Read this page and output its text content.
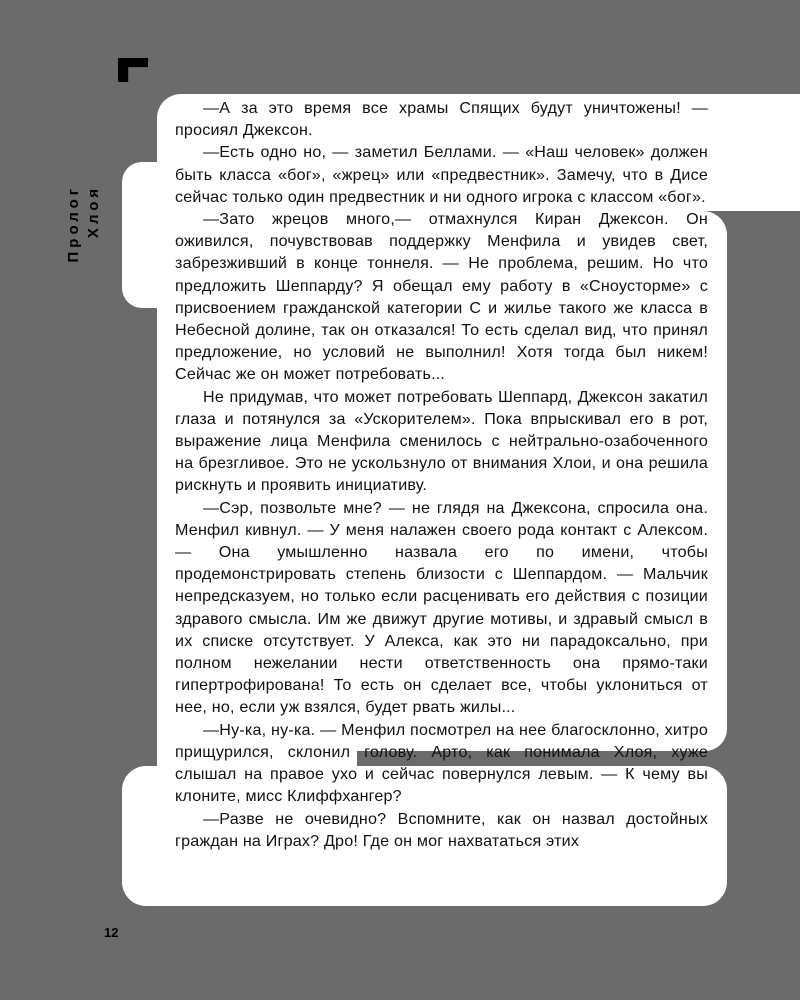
Пролог Хлоя

—А за это время все храмы Спящих будут уничтожены! — просиял Джексон.

—Есть одно но, — заметил Беллами. — «Наш человек» должен быть класса «бог», «жрец» или «предвестник». Замечу, что в Дисе сейчас только один предвестник и ни одного игрока с классом «бог».

—Зато жрецов много,— отмахнулся Киран Джексон. Он оживился, почувствовав поддержку Менфила и увидев свет, забрезживший в конце тоннеля. — Не проблема, решим. Но что предложить Шеппарду? Я обещал ему работу в «Сноусторме» с присвоением гражданской категории С и жилье такого же класса в Небесной долине, так он отказался! То есть сделал вид, что принял предложение, но условий не выполнил! Хотя тогда был никем! Сейчас же он может потребовать...

Не придумав, что может потребовать Шеппард, Джексон закатил глаза и потянулся за «Ускорителем». Пока впрыскивал его в рот, выражение лица Менфила сменилось с нейтрально-озабоченного на брезгливое. Это не ускользнуло от внимания Хлои, и она решила рискнуть и проявить инициативу.

—Сэр, позвольте мне? — не глядя на Джексона, спросила она. Менфил кивнул. — У меня налажен своего рода контакт с Алексом. — Она умышленно назвала его по имени, чтобы продемонстрировать степень близости с Шеппардом. — Мальчик непредсказуем, но только если расценивать его действия с позиции здравого смысла. Им же движут другие мотивы, и здравый смысл в их списке отсутствует. У Алекса, как это ни парадоксально, при полном нежелании нести ответственность она прямо-таки гипертрофирована! То есть он сделает все, чтобы уклониться от нее, но, если уж взялся, будет рвать жилы...

—Ну-ка, ну-ка. — Менфил посмотрел на нее благосклонно, хитро прищурился, склонил голову. Арто, как понимала Хлоя, хуже слышал на правое ухо и сейчас повернулся левым. — К чему вы клоните, мисс Клиффхангер?

—Разве не очевидно? Вспомните, как он назвал достойных граждан на Играх? Дро! Где он мог нахвататься этих

12
